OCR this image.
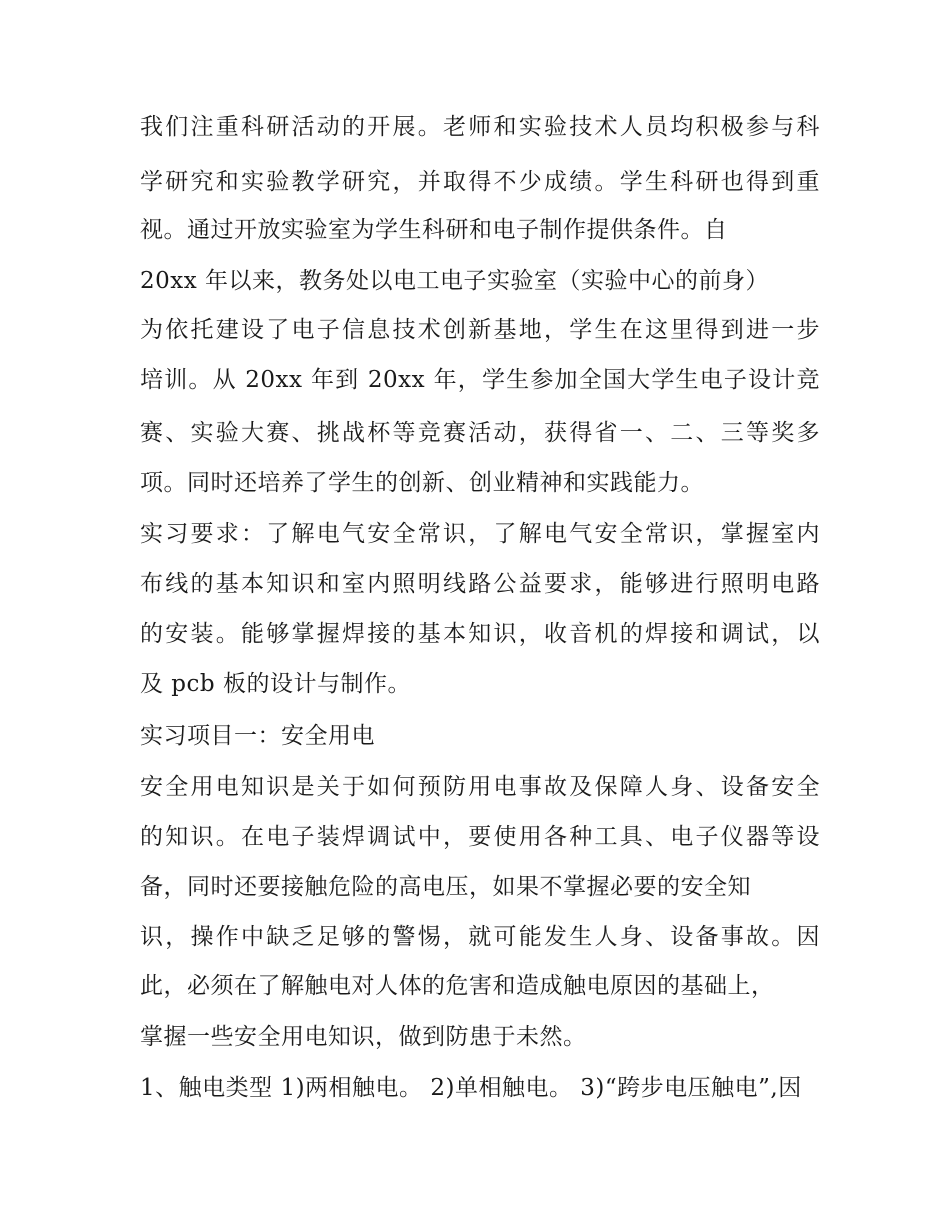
我们注重科研活动的开展。老师和实验技术人员均积极参与科
学研究和实验教学研究，并取得不少成绩。学生科研也得到重
视。通过开放实验室为学生科研和电子制作提供条件。自
20xx 年以来，教务处以电工电子实验室（实验中心的前身）
为依托建设了电子信息技术创新基地，学生在这里得到进一步
培训。从 20xx 年到 20xx 年，学生参加全国大学生电子设计竞
赛、实验大赛、挑战杯等竞赛活动，获得省一、二、三等奖多
项。同时还培养了学生的创新、创业精神和实践能力。
实习要求：了解电气安全常识，了解电气安全常识，掌握室内
布线的基本知识和室内照明线路公益要求，能够进行照明电路
的安装。能够掌握焊接的基本知识，收音机的焊接和调试，以
及 pcb 板的设计与制作。
实习项目一：安全用电
安全用电知识是关于如何预防用电事故及保障人身、设备安全
的知识。在电子装焊调试中，要使用各种工具、电子仪器等设
备，同时还要接触危险的高电压，如果不掌握必要的安全知
识，操作中缺乏足够的警惕，就可能发生人身、设备事故。因
此，必须在了解触电对人体的危害和造成触电原因的基础上，
掌握一些安全用电知识，做到防患于未然。
1、触电类型 1)两相触电。 2)单相触电。 3)“跨步电压触电”,因
